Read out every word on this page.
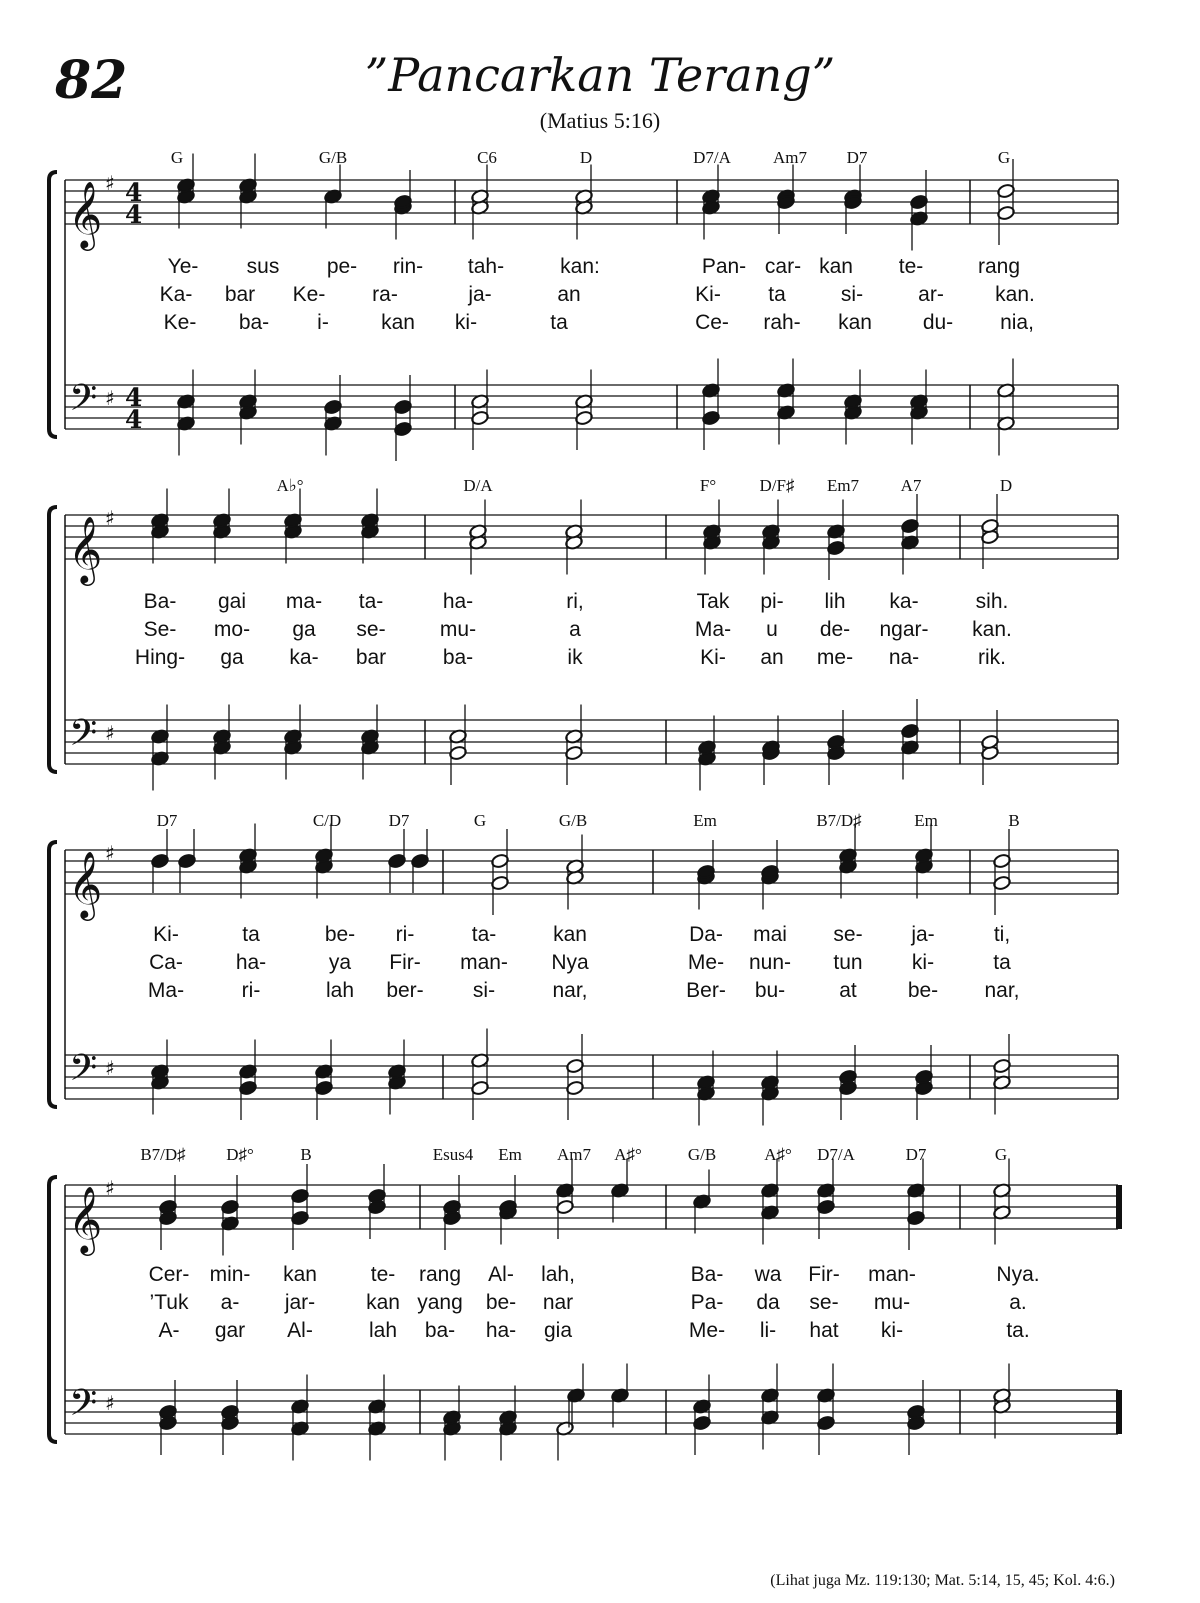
82	”Pancarkan Terang”
(Matius 5:16)
𝄞
𝄢
♯
♯
4
4
4
4
𝄞
𝄢
♯
♯
𝄞
𝄢
♯
♯
𝄞
𝄢
♯
♯
G	G/B	C6	D	D7/A Am7 D7	G
Ye- sus pe- rin- tah-	kan:	Pan- car- kan te-	rang
Ka- bar Ke- ra-	ja-	an	Ki- ta	si-	ar- kan.
Ke- ba- i- kan ki-	ta	Ce- rah- kan du- nia,
A♭°	D/A	F°	D/F♯ Em7 A7	D
Ba- gai ma- ta-	ha-	ri,	Tak pi- lih ka-	sih.
Se- mo- ga se-	mu-	a	Ma- u de- ngar- kan.
Hing- ga ka- bar	ba-	ik	Ki- an me- na-	rik.
D7	C/D	D7	G	G/B	Em	B7/D♯	Em	B
Ki-	ta	be- ri-	ta-	kan	Da- mai se- ja-	ti,
Ca-	ha-	ya Fir- man- Nya	Me- nun- tun ki-	ta
Ma-	ri-	lah ber- si-	nar,	Ber- bu-	at be- nar,
B7/D♯ D♯°	B	Esus4 Em Am7 A♯°	G/B	A♯° D7/A	D7	G
Cer- min- kan	te- rang Al- lah,	Ba- wa Fir- man-	Nya.
’Tuk a- jar- kan yang be- nar	Pa- da se- mu-	a.
A- gar Al-	lah ba- ha- gia	Me- li- hat ki-	ta.
(Lihat juga Mz. 119:130; Mat. 5:14, 15, 45; Kol. 4:6.)
